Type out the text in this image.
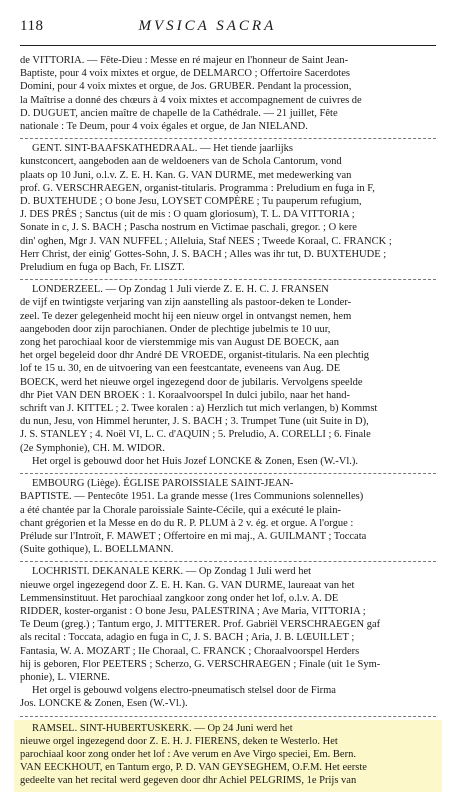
118	MVSICA SACRA
de VITTORIA. — Fête-Dieu : Messe en ré majeur en l'honneur de Saint Jean-
Baptiste, pour 4 voix mixtes et orgue, de DELMARCO ; Offertoire Sacerdotes
Domini, pour 4 voix mixtes et orgue, de Jos. GRUBER. Pendant la procession,
la Maîtrise a donné des chœurs à 4 voix mixtes et accompagnement de cuivres de
D. DUGUET, ancien maître de chapelle de la Cathédrale. — 21 juillet, Fête
nationale : Te Deum, pour 4 voix égales et orgue, de Jan NIELAND.
GENT. SINT-BAAFSKATHEDRAAL. — Het tiende jaarlijks
kunstconcert, aangeboden aan de weldoeners van de Schola Cantorum, vond
plaats op 10 Juni, o.l.v. Z. E. H. Kan. G. VAN DURME, met medewerking van
prof. G. VERSCHRAEGEN, organist-titularis. Programma : Preludium en fuga in F,
D. BUXTEHUDE ; O bone Jesu, LOYSET COMPÈRE ; Tu pauperum refugium,
J. DES PRÉS ; Sanctus (uit de mis : O quam gloriosum), T. L. DA VITTORIA ;
Sonate in c, J. S. BACH ; Pascha nostrum en Victimae paschali, gregor. ; O kere
din' oghen, Mgr J. VAN NUFFEL ; Alleluia, Staf NEES ; Tweede Koraal, C. FRANCK ;
Herr Christ, der einig' Gottes-Sohn, J. S. BACH ; Alles was ihr tut, D. BUXTEHUDE ;
Preludium en fuga op Bach, Fr. LISZT.
LONDERZEEL. — Op Zondag 1 Juli vierde Z. E. H. C. J. FRANSEN
de vijf en twintigste verjaring van zijn aanstelling als pastoor-deken te Londer-
zeel. Te dezer gelegenheid mocht hij een nieuw orgel in ontvangst nemen, hem
aangeboden door zijn parochianen. Onder de plechtige jubelmis te 10 uur,
zong het parochiaal koor de vierstemmige mis van August DE BOECK, aan
het orgel begeleid door dhr André DE VROEDE, organist-titularis. Na een plechtig
lof te 15 u. 30, en de uitvoering van een feestcantate, eveneens van Aug. DE
BOECK, werd het nieuwe orgel ingezegend door de jubilaris. Vervolgens speelde
dhr Piet VAN DEN BROEK : 1. Koraalvoorspel In dulci jubilo, naar het hand-
schrift van J. KITTEL ; 2. Twee koralen : a) Herzlich tut mich verlangen, b) Kommst
du nun, Jesu, von Himmel herunter, J. S. BACH ; 3. Trumpet Tune (uit Suite in D),
J. S. STANLEY ; 4. Noël VI, L. C. d'AQUIN ; 5. Preludio, A. CORELLI ; 6. Finale
(2e Symphonie), CH. M. WIDOR.
Het orgel is gebouwd door het Huis Jozef LONCKE & Zonen, Esen (W.-Vl.).
EMBOURG (Liège). ÉGLISE PAROISSIALE SAINT-JEAN-
BAPTISTE. — Pentecôte 1951. La grande messe (1res Communions solennelles)
a été chantée par la Chorale paroissiale Sainte-Cécile, qui a exécuté le plain-
chant grégorien et la Messe en do du R. P. PLUM à 2 v. ég. et orgue. A l'orgue :
Prélude sur l'Introït, F. MAWET ; Offertoire en mi maj., A. GUILMANT ; Toccata
(Suite gothique), L. BOELLMANN.
LOCHRISTI. DEKANALE KERK. — Op Zondag 1 Juli werd het
nieuwe orgel ingezegend door Z. E. H. Kan. G. VAN DURME, laureaat van het
Lemmensinstituut. Het parochiaal zangkoor zong onder het lof, o.l.v. A. DE
RIDDER, koster-organist : O bone Jesu, PALESTRINA ; Ave Maria, VITTORIA ;
Te Deum (greg.) ; Tantum ergo, J. MITTERER. Prof. Gabriël VERSCHRAEGEN gaf
als recital : Toccata, adagio en fuga in C, J. S. BACH ; Aria, J. B. LŒUILLET ;
Fantasia, W. A. MOZART ; IIe Choraal, C. FRANCK ; Choraalvoorspel Herders
hij is geboren, Flor PEETERS ; Scherzo, G. VERSCHRAEGEN ; Finale (uit 1e Sym-
phonie), L. VIERNE.
Het orgel is gebouwd volgens electro-pneumatisch stelsel door de Firma
Jos. LONCKE & Zonen, Esen (W.-Vl.).
RAMSEL. SINT-HUBERTUSKERK. — Op 24 Juni werd het
nieuwe orgel ingezegend door Z. E. H. J. FIERENS, deken te Westerlo. Het
parochiaal koor zong onder het lof : Ave verum en Ave Virgo speciei, Em. Bern.
VAN EECKHOUT, en Tantum ergo, P. D. VAN GEYSEGHEM, O.F.M. Het eerste
gedeelte van het recital werd gegeven door dhr Achiel PELGRIMS, 1e Prijs van
